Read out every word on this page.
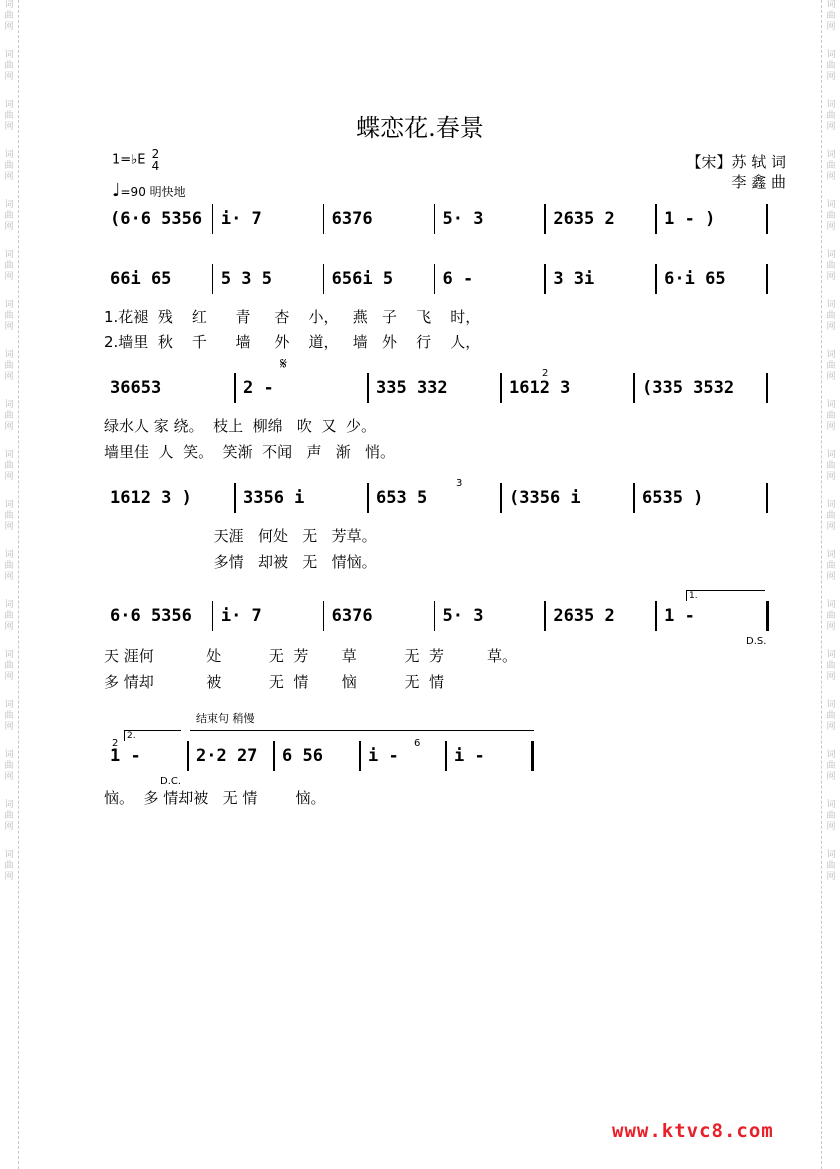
词
曲
网
词
曲
网
词
曲
网
词
曲
网
词
曲
网
词
曲
网
词
曲
网
词
曲
网
词
曲
网
词
曲
网
词
曲
网
词
曲
网
词
曲
网
词
曲
网
词
曲
网
词
曲
网
词
曲
网
词
曲
网
词
曲
网
词
曲
网
词
曲
网
词
曲
网
词
曲
网
词
曲
网
词
曲
网
词
曲
网
词
曲
网
词
曲
网
词
曲
网
词
曲
网
词
曲
网
词
曲
网
词
曲
网
词
曲
网
词
曲
网
词
曲
网
蝶恋花.春景
1=♭E 2
4
♩=90 明快地
【宋】苏 轼 词
李 鑫 曲
(6·6 5356 i· 7	6376	5· 3	2635 2	1 - )
66i 65	5 3 5	656i 5	6 -	3 3i	6·i 65
1.花褪  残    红      青     杏    小，   燕   子    飞    时，
2.墙里  秋    千      墙     外    道，   墙   外    行    人，
36653	2 -	335 332	1612 3	(335 3532
绿水人 家 绕。  枝上  柳绵   吹  又  少。
墙里佳  人  笑。  笑渐  不闻   声   渐   悄。
1612 3 )	3356 i	653 5	(3356 i	6535 )
天涯   何处   无   芳草。
多情   却被   无   情恼。
6·6 5356 i· 7	6376	5· 3	2635 2	1 -
天 涯何           处          无  芳       草          无  芳         草。
多 情却           被          无  情       恼          无  情
1 -	2·2 27 6 56	i -	i -
恼。  多 情却被   无 情        恼。
D.S.
D.C.
1.
2.
结束句 稍慢
𝄋
2
3
2	6
www.ktvc8.com
